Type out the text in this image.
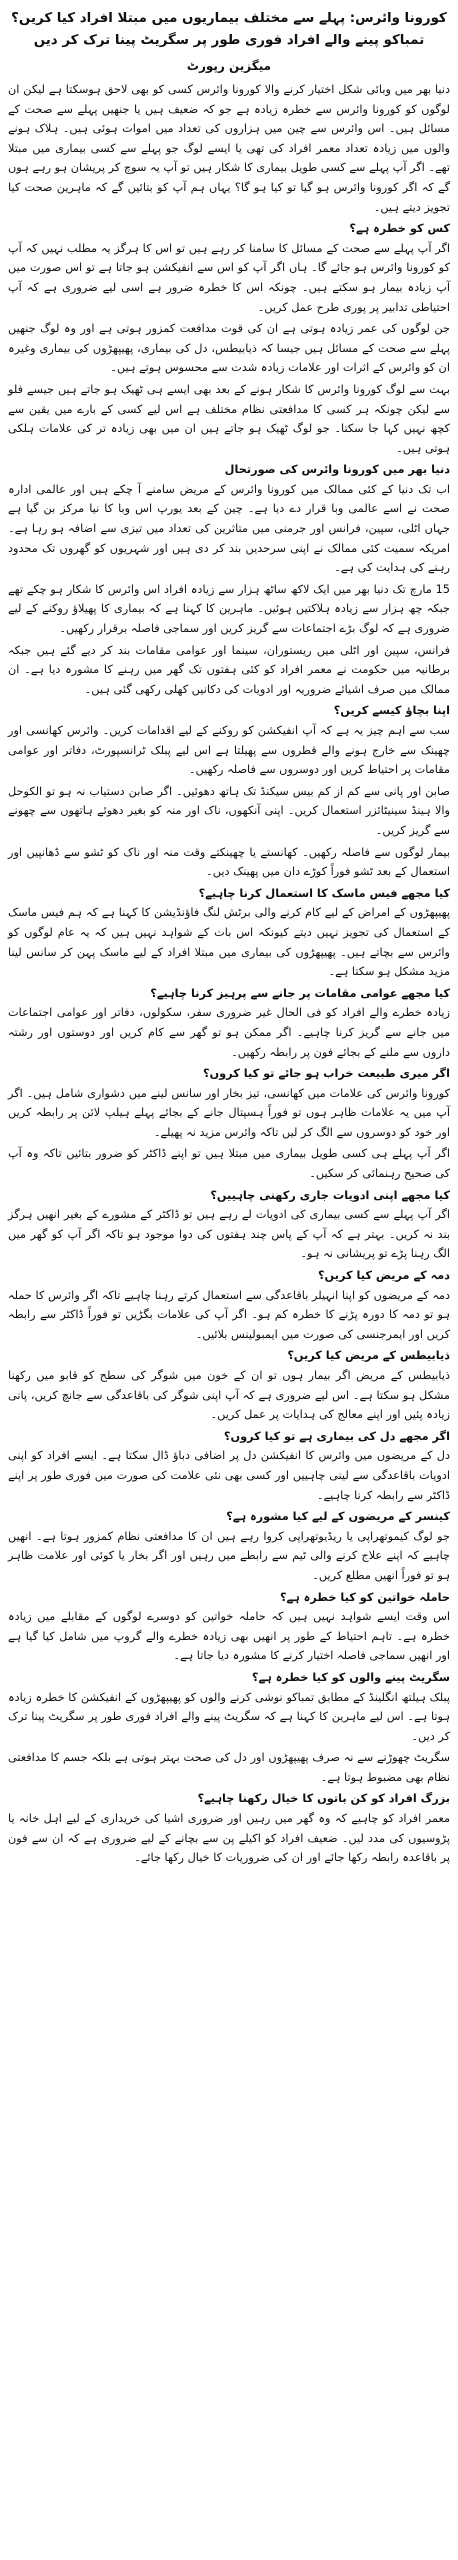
کورونا وائرس: پہلے سے مختلف بیماریوں میں مبتلا افراد کیا کریں؟
تمباکو پینے والے افراد فوری طور پر سگریٹ پینا ترک کر دیں
میگزین رپورٹ

دنیا بھر میں وبائی شکل اختیار کرنے والا کورونا وائرس کسی کو بھی لاحق ہوسکتا ہے لیکن ان لوگوں کو کورونا وائرس سے خطرہ زیادہ ہے جو کہ ضعیف ہیں یا جنھیں پہلے سے صحت کے مسائل ہیں۔ اس وائرس سے چین میں ہزاروں کی تعداد میں اموات ہوئی ہیں۔ ہلاک ہونے والوں میں زیادہ تعداد معمر افراد کی تھی یا ایسے لوگ جو پہلے سے کسی بیماری میں مبتلا تھے۔ اگر آپ پہلے سے کسی طویل بیماری کا شکار ہیں تو آپ یہ سوچ کر پریشان ہو رہے ہوں گے کہ اگر کورونا وائرس ہو گیا تو کیا ہو گا؟ یہاں ہم آپ کو بتائیں گے کہ ماہرین صحت کیا تجویز دیتے ہیں۔

کس کو خطرہ ہے؟

اگر آپ پہلے سے صحت کے مسائل کا سامنا کر رہے ہیں تو اس کا ہرگز یہ مطلب نہیں کہ آپ کو کورونا وائرس ہو جائے گا۔ ہاں اگر آپ کو اس سے انفیکشن ہو جاتا ہے تو اس صورت میں آپ زیادہ بیمار ہو سکتے ہیں۔ چونکہ اس کا خطرہ ضرور ہے اسی لیے ضروری ہے کہ آپ احتیاطی تدابیر پر پوری طرح عمل کریں۔

جن لوگوں کی عمر زیادہ ہوتی ہے ان کی قوت مدافعت کمزور ہوتی ہے اور وہ لوگ جنھیں پہلے سے صحت کے مسائل ہیں جیسا کہ ذیابیطس، دل کی بیماری، پھیپھڑوں کی بیماری وغیرہ ان کو وائرس کے اثرات اور علامات زیادہ شدت سے محسوس ہوتے ہیں۔

بہت سے لوگ کورونا وائرس کا شکار ہونے کے بعد بھی ایسے ہی ٹھیک ہو جاتے ہیں جیسے فلو سے لیکن چونکہ ہر کسی کا مدافعتی نظام مختلف ہے اس لیے کسی کے بارے میں یقین سے کچھ نہیں کہا جا سکتا۔ جو لوگ ٹھیک ہو جاتے ہیں ان میں بھی زیادہ تر کی علامات ہلکی ہوتی ہیں۔

دنیا بھر میں کورونا وائرس کی صورتحال

اب تک دنیا کے کئی ممالک میں کورونا وائرس کے مریض سامنے آ چکے ہیں اور عالمی ادارہ صحت نے اسے عالمی وبا قرار دے دیا ہے۔ چین کے بعد یورپ اس وبا کا نیا مرکز بن گیا ہے جہاں اٹلی، سپین، فرانس اور جرمنی میں متاثرین کی تعداد میں تیزی سے اضافہ ہو رہا ہے۔ امریکہ سمیت کئی ممالک نے اپنی سرحدیں بند کر دی ہیں اور شہریوں کو گھروں تک محدود رہنے کی ہدایت کی ہے۔

15 مارچ تک دنیا بھر میں ایک لاکھ ساٹھ ہزار سے زیادہ افراد اس وائرس کا شکار ہو چکے تھے جبکہ چھ ہزار سے زیادہ ہلاکتیں ہوئیں۔ ماہرین کا کہنا ہے کہ بیماری کا پھیلاؤ روکنے کے لیے ضروری ہے کہ لوگ بڑے اجتماعات سے گریز کریں اور سماجی فاصلہ برقرار رکھیں۔

فرانس، سپین اور اٹلی میں ریستوران، سینما اور عوامی مقامات بند کر دیے گئے ہیں جبکہ برطانیہ میں حکومت نے معمر افراد کو کئی ہفتوں تک گھر میں رہنے کا مشورہ دیا ہے۔ ان ممالک میں صرف اشیائے ضروریہ اور ادویات کی دکانیں کھلی رکھی گئی ہیں۔

اپنا بچاؤ کیسے کریں؟

سب سے اہم چیز یہ ہے کہ آپ انفیکشن کو روکنے کے لیے اقدامات کریں۔ وائرس کھانسی اور چھینک سے خارج ہونے والے قطروں سے پھیلتا ہے اس لیے پبلک ٹرانسپورٹ، دفاتر اور عوامی مقامات پر احتیاط کریں اور دوسروں سے فاصلہ رکھیں۔

صابن اور پانی سے کم از کم بیس سیکنڈ تک ہاتھ دھوئیں۔ اگر صابن دستیاب نہ ہو تو الکوحل والا ہینڈ سینیٹائزر استعمال کریں۔ اپنی آنکھوں، ناک اور منہ کو بغیر دھوئے ہاتھوں سے چھونے سے گریز کریں۔

بیمار لوگوں سے فاصلہ رکھیں۔ کھانستے یا چھینکتے وقت منہ اور ناک کو ٹشو سے ڈھانپیں اور استعمال کے بعد ٹشو فوراً کوڑے دان میں پھینک دیں۔

کیا مجھے فیس ماسک کا استعمال کرنا چاہیے؟

پھیپھڑوں کے امراض کے لیے کام کرنے والی برٹش لنگ فاؤنڈیشن کا کہنا ہے کہ ہم فیس ماسک کے استعمال کی تجویز نہیں دیتے کیونکہ اس بات کے شواہد نہیں ہیں کہ یہ عام لوگوں کو وائرس سے بچاتے ہیں۔ پھیپھڑوں کی بیماری میں مبتلا افراد کے لیے ماسک پہن کر سانس لینا مزید مشکل ہو سکتا ہے۔

کیا مجھے عوامی مقامات پر جانے سے پرہیز کرنا چاہیے؟

زیادہ خطرے والے افراد کو فی الحال غیر ضروری سفر، سکولوں، دفاتر اور عوامی اجتماعات میں جانے سے گریز کرنا چاہیے۔ اگر ممکن ہو تو گھر سے کام کریں اور دوستوں اور رشتہ داروں سے ملنے کے بجائے فون پر رابطہ رکھیں۔

اگر میری طبیعت خراب ہو جائے تو کیا کروں؟

کورونا وائرس کی علامات میں کھانسی، تیز بخار اور سانس لینے میں دشواری شامل ہیں۔ اگر آپ میں یہ علامات ظاہر ہوں تو فوراً ہسپتال جانے کے بجائے پہلے ہیلپ لائن پر رابطہ کریں اور خود کو دوسروں سے الگ کر لیں تاکہ وائرس مزید نہ پھیلے۔

اگر آپ پہلے ہی کسی طویل بیماری میں مبتلا ہیں تو اپنے ڈاکٹر کو ضرور بتائیں تاکہ وہ آپ کی صحیح رہنمائی کر سکیں۔

کیا مجھے اپنی ادویات جاری رکھنی چاہییں؟

اگر آپ پہلے سے کسی بیماری کی ادویات لے رہے ہیں تو ڈاکٹر کے مشورے کے بغیر انھیں ہرگز بند نہ کریں۔ بہتر ہے کہ آپ کے پاس چند ہفتوں کی دوا موجود ہو تاکہ اگر آپ کو گھر میں الگ رہنا پڑے تو پریشانی نہ ہو۔

دمہ کے مریض کیا کریں؟

دمہ کے مریضوں کو اپنا انہیلر باقاعدگی سے استعمال کرتے رہنا چاہیے تاکہ اگر وائرس کا حملہ ہو تو دمہ کا دورہ پڑنے کا خطرہ کم ہو۔ اگر آپ کی علامات بگڑیں تو فوراً ڈاکٹر سے رابطہ کریں اور ایمرجنسی کی صورت میں ایمبولینس بلائیں۔

ذیابیطس کے مریض کیا کریں؟

ذیابیطس کے مریض اگر بیمار ہوں تو ان کے خون میں شوگر کی سطح کو قابو میں رکھنا مشکل ہو سکتا ہے۔ اس لیے ضروری ہے کہ آپ اپنی شوگر کی باقاعدگی سے جانچ کریں، پانی زیادہ پئیں اور اپنے معالج کی ہدایات پر عمل کریں۔

اگر مجھے دل کی بیماری ہے تو کیا کروں؟

دل کے مریضوں میں وائرس کا انفیکشن دل پر اضافی دباؤ ڈال سکتا ہے۔ ایسے افراد کو اپنی ادویات باقاعدگی سے لینی چاہییں اور کسی بھی نئی علامت کی صورت میں فوری طور پر اپنے ڈاکٹر سے رابطہ کرنا چاہیے۔

کینسر کے مریضوں کے لیے کیا مشورہ ہے؟

جو لوگ کیموتھراپی یا ریڈیوتھراپی کروا رہے ہیں ان کا مدافعتی نظام کمزور ہوتا ہے۔ انھیں چاہیے کہ اپنے علاج کرنے والی ٹیم سے رابطے میں رہیں اور اگر بخار یا کوئی اور علامت ظاہر ہو تو فوراً انھیں مطلع کریں۔

حاملہ خواتین کو کیا خطرہ ہے؟

اس وقت ایسے شواہد نہیں ہیں کہ حاملہ خواتین کو دوسرے لوگوں کے مقابلے میں زیادہ خطرہ ہے۔ تاہم احتیاط کے طور پر انھیں بھی زیادہ خطرے والے گروپ میں شامل کیا گیا ہے اور انھیں سماجی فاصلہ اختیار کرنے کا مشورہ دیا جاتا ہے۔

سگریٹ پینے والوں کو کیا خطرہ ہے؟

پبلک ہیلتھ انگلینڈ کے مطابق تمباکو نوشی کرنے والوں کو پھیپھڑوں کے انفیکشن کا خطرہ زیادہ ہوتا ہے۔ اس لیے ماہرین کا کہنا ہے کہ سگریٹ پینے والے افراد فوری طور پر سگریٹ پینا ترک کر دیں۔

سگریٹ چھوڑنے سے نہ صرف پھیپھڑوں اور دل کی صحت بہتر ہوتی ہے بلکہ جسم کا مدافعتی نظام بھی مضبوط ہوتا ہے۔

بزرگ افراد کو کن باتوں کا خیال رکھنا چاہیے؟

معمر افراد کو چاہیے کہ وہ گھر میں رہیں اور ضروری اشیا کی خریداری کے لیے اہل خانہ یا پڑوسیوں کی مدد لیں۔ ضعیف افراد کو اکیلے پن سے بچانے کے لیے ضروری ہے کہ ان سے فون پر باقاعدہ رابطہ رکھا جائے اور ان کی ضروریات کا خیال رکھا جائے۔
